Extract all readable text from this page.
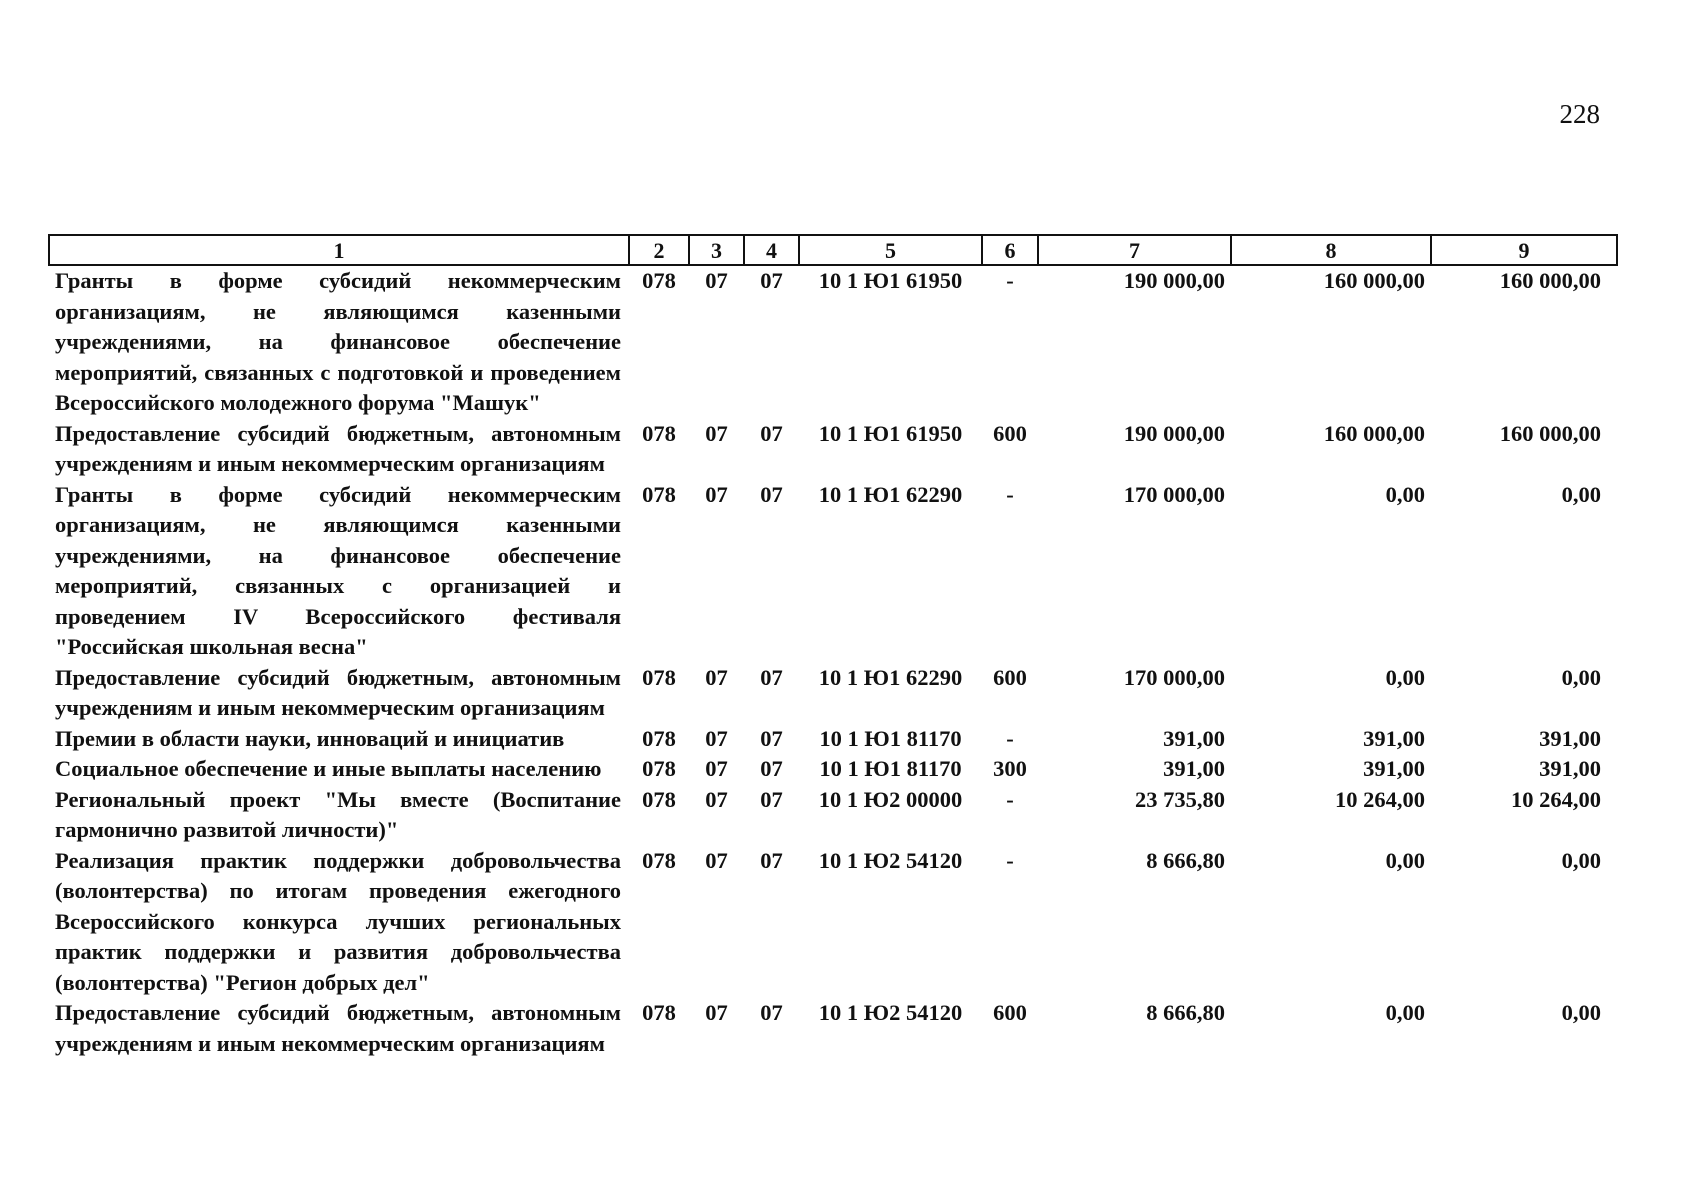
228
1	2	3	4	5	6	7	8	9
Гранты в форме субсидий некоммерческим организациям, не являющимся казенными учреждениями, на финансовое обеспечение мероприятий, связанных с подготовкой и проведением Всероссийского молодежного форума "Машук"	078	07	07	10 1 Ю1 61950	-	190 000,00	160 000,00	160 000,00
Предоставление субсидий бюджетным, автономным учреждениям и иным некоммерческим организациям	078	07	07	10 1 Ю1 61950	600	190 000,00	160 000,00	160 000,00
Гранты в форме субсидий некоммерческим организациям, не являющимся казенными учреждениями, на финансовое обеспечение мероприятий, связанных с организацией и проведением IV Всероссийского фестиваля "Российская школьная весна"	078	07	07	10 1 Ю1 62290	-	170 000,00	0,00	0,00
Предоставление субсидий бюджетным, автономным учреждениям и иным некоммерческим организациям	078	07	07	10 1 Ю1 62290	600	170 000,00	0,00	0,00
Премии в области науки, инноваций и инициатив	078	07	07	10 1 Ю1 81170	-	391,00	391,00	391,00
Социальное обеспечение и иные выплаты населению	078	07	07	10 1 Ю1 81170	300	391,00	391,00	391,00
Региональный проект "Мы вместе (Воспитание гармонично развитой личности)"	078	07	07	10 1 Ю2 00000	-	23 735,80	10 264,00	10 264,00
Реализация практик поддержки добровольчества (волонтерства) по итогам проведения ежегодного Всероссийского конкурса лучших региональных практик поддержки и развития добровольчества (волонтерства) "Регион добрых дел"	078	07	07	10 1 Ю2 54120	-	8 666,80	0,00	0,00
Предоставление субсидий бюджетным, автономным учреждениям и иным некоммерческим организациям	078	07	07	10 1 Ю2 54120	600	8 666,80	0,00	0,00
